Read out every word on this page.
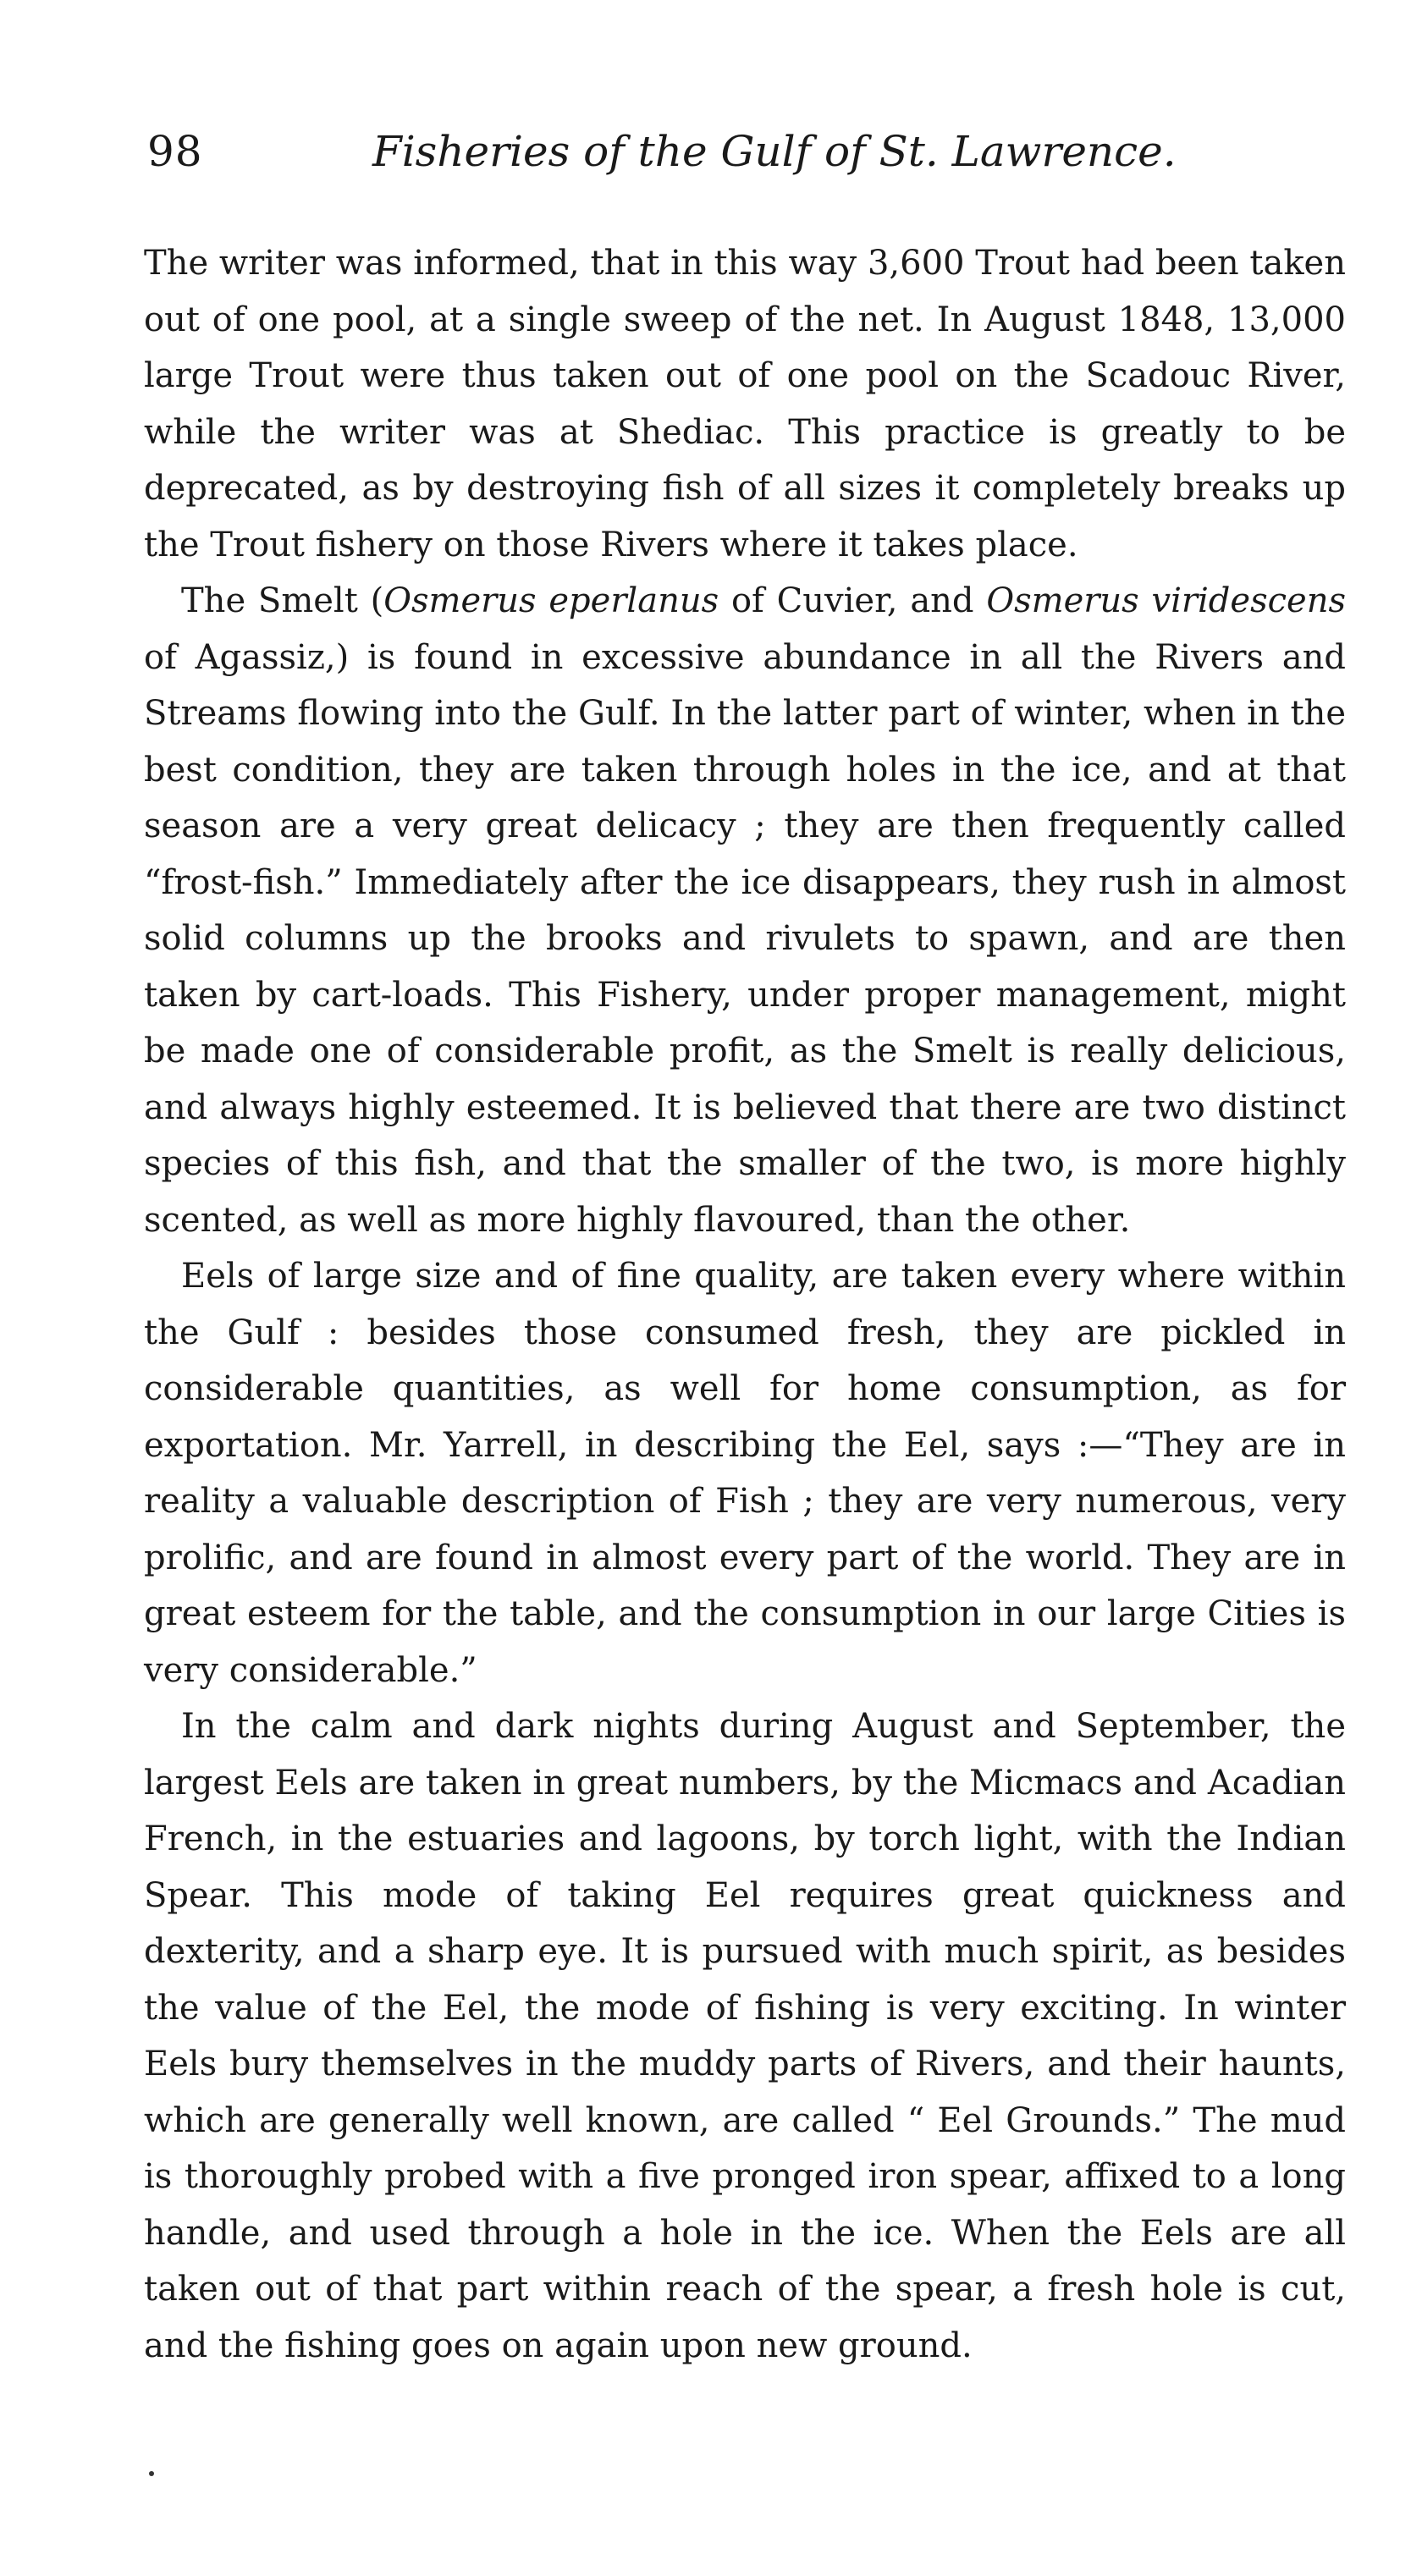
98	Fisheries of the Gulf of St. Lawrence.

The writer was informed, that in this way 3,600 Trout had been taken out of one pool, at a single sweep of the net. In August 1848, 13,000 large Trout were thus taken out of one pool on the Scadouc River, while the writer was at Shediac. This practice is greatly to be deprecated, as by destroying fish of all sizes it completely breaks up the Trout fishery on those Rivers where it takes place.

The Smelt (Osmerus eperlanus of Cuvier, and Osmerus viridescens of Agassiz,) is found in excessive abundance in all the Rivers and Streams flowing into the Gulf. In the latter part of winter, when in the best condition, they are taken through holes in the ice, and at that season are a very great delicacy ; they are then frequently called “frost-fish.” Immediately after the ice disappears, they rush in almost solid columns up the brooks and rivulets to spawn, and are then taken by cart-loads. This Fishery, under proper management, might be made one of considerable profit, as the Smelt is really delicious, and always highly esteemed. It is believed that there are two distinct species of this fish, and that the smaller of the two, is more highly scented, as well as more highly flavoured, than the other.

Eels of large size and of fine quality, are taken every where within the Gulf : besides those consumed fresh, they are pickled in considerable quantities, as well for home consumption, as for exportation. Mr. Yarrell, in describing the Eel, says :—“They are in reality a valuable description of Fish ; they are very numerous, very prolific, and are found in almost every part of the world. They are in great esteem for the table, and the consumption in our large Cities is very considerable.”

In the calm and dark nights during August and September, the largest Eels are taken in great numbers, by the Micmacs and Acadian French, in the estuaries and lagoons, by torch light, with the Indian Spear. This mode of taking Eel requires great quickness and dexterity, and a sharp eye. It is pursued with much spirit, as besides the value of the Eel, the mode of fishing is very exciting. In winter Eels bury themselves in the muddy parts of Rivers, and their haunts, which are generally well known, are called “ Eel Grounds.” The mud is thoroughly probed with a five pronged iron spear, affixed to a long handle, and used through a hole in the ice. When the Eels are all taken out of that part within reach of the spear, a fresh hole is cut, and the fishing goes on again upon new ground.
